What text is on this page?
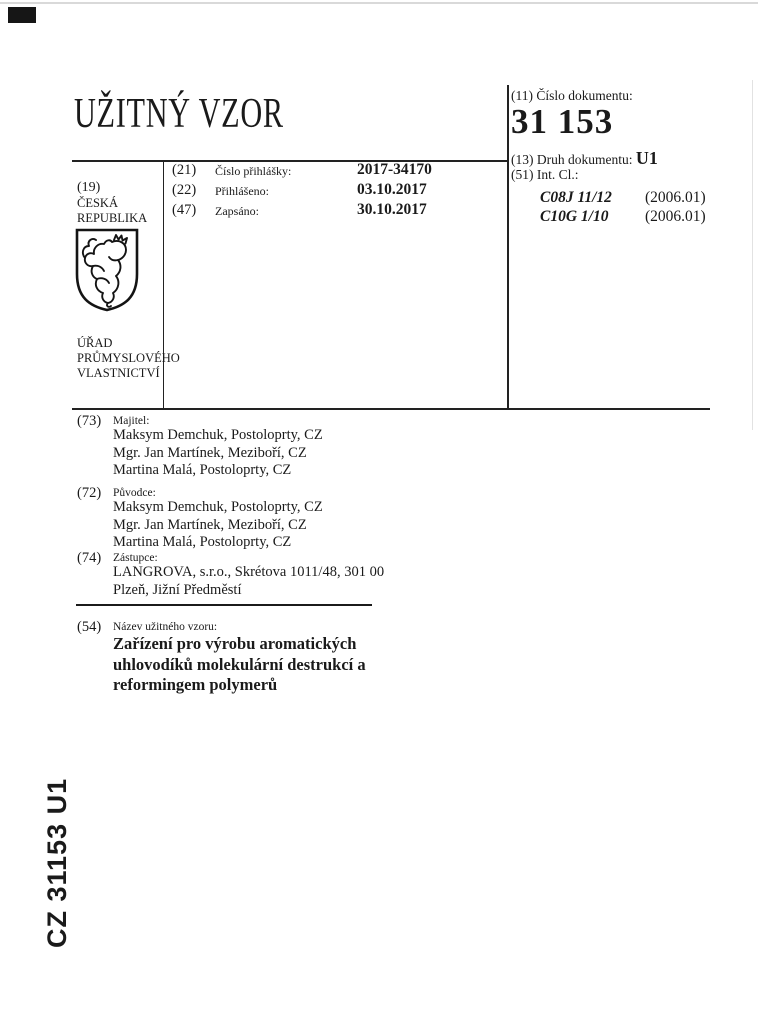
UŽITNÝ VZOR	(11) Číslo dokumentu:
31 153
(13) Druh dokumentu: U1
(51) Int. Cl.:
C08J 11/12 (2006.01)
C10G 1/10 (2006.01)
(19)
ČESKÁ
REPUBLIKA
ÚŘAD
PRŮMYSLOVÉHO
VLASTNICTVÍ
(21) Číslo přihlášky:	2017-34170
(22) Přihlášeno:	03.10.2017
(47) Zapsáno:	30.10.2017
(73) Majitel:
Maksym Demchuk, Postoloprty, CZ
Mgr. Jan Martínek, Meziboří, CZ
Martina Malá, Postoloprty, CZ
(72) Původce:
Maksym Demchuk, Postoloprty, CZ
Mgr. Jan Martínek, Meziboří, CZ
Martina Malá, Postoloprty, CZ
(74) Zástupce:
LANGROVA, s.r.o., Skrétova 1011/48, 301 00
Plzeň, Jižní Předměstí
(54) Název užitného vzoru:
Zařízení pro výrobu aromatických
uhlovodíků molekulární destrukcí a
reformingem polymerů
CZ 31153 U1
